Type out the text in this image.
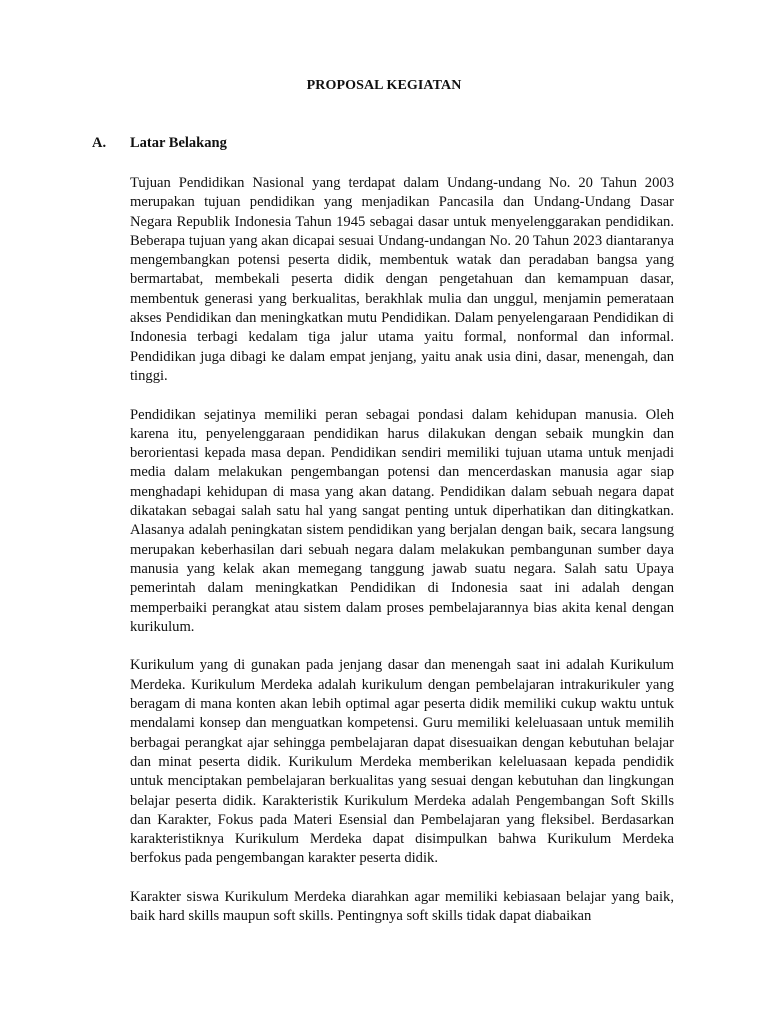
PROPOSAL KEGIATAN
A. Latar Belakang

Tujuan Pendidikan Nasional yang terdapat dalam Undang-undang No. 20 Tahun 2003 merupakan tujuan pendidikan yang menjadikan Pancasila dan Undang-Undang Dasar Negara Republik Indonesia Tahun 1945 sebagai dasar untuk menyelenggarakan pendidikan. Beberapa tujuan yang akan dicapai sesuai Undang-undangan No. 20 Tahun 2023 diantaranya mengembangkan potensi peserta didik, membentuk watak dan peradaban bangsa yang bermartabat, membekali peserta didik dengan pengetahuan dan kemampuan dasar, membentuk generasi yang berkualitas, berakhlak mulia dan unggul, menjamin pemerataan akses Pendidikan dan meningkatkan mutu Pendidikan. Dalam penyelengaraan Pendidikan di Indonesia terbagi kedalam tiga jalur utama yaitu formal, nonformal dan informal. Pendidikan juga dibagi ke dalam empat jenjang, yaitu anak usia dini, dasar, menengah, dan tinggi.

Pendidikan sejatinya memiliki peran sebagai pondasi dalam kehidupan manusia. Oleh karena itu, penyelenggaraan pendidikan harus dilakukan dengan sebaik mungkin dan berorientasi kepada masa depan. Pendidikan sendiri memiliki tujuan utama untuk menjadi media dalam melakukan pengembangan potensi dan mencerdaskan manusia agar siap menghadapi kehidupan di masa yang akan datang. Pendidikan dalam sebuah negara dapat dikatakan sebagai salah satu hal yang sangat penting untuk diperhatikan dan ditingkatkan. Alasanya adalah peningkatan sistem pendidikan yang berjalan dengan baik, secara langsung merupakan keberhasilan dari sebuah negara dalam melakukan pembangunan sumber daya manusia yang kelak akan memegang tanggung jawab suatu negara. Salah satu Upaya pemerintah dalam meningkatkan Pendidikan di Indonesia saat ini adalah dengan memperbaiki perangkat atau sistem dalam proses pembelajarannya bias akita kenal dengan kurikulum.

Kurikulum yang di gunakan pada jenjang dasar dan menengah saat ini adalah Kurikulum Merdeka. Kurikulum Merdeka adalah kurikulum dengan pembelajaran intrakurikuler yang beragam di mana konten akan lebih optimal agar peserta didik memiliki cukup waktu untuk mendalami konsep dan menguatkan kompetensi. Guru memiliki keleluasaan untuk memilih berbagai perangkat ajar sehingga pembelajaran dapat disesuaikan dengan kebutuhan belajar dan minat peserta didik. Kurikulum Merdeka memberikan keleluasaan kepada pendidik untuk menciptakan pembelajaran berkualitas yang sesuai dengan kebutuhan dan lingkungan belajar peserta didik. Karakteristik Kurikulum Merdeka adalah Pengembangan Soft Skills dan Karakter, Fokus pada Materi Esensial dan Pembelajaran yang fleksibel. Berdasarkan karakteristiknya Kurikulum Merdeka dapat disimpulkan bahwa Kurikulum Merdeka berfokus pada pengembangan karakter peserta didik.

Karakter siswa Kurikulum Merdeka diarahkan agar memiliki kebiasaan belajar yang baik, baik hard skills maupun soft skills. Pentingnya soft skills tidak dapat diabaikan
